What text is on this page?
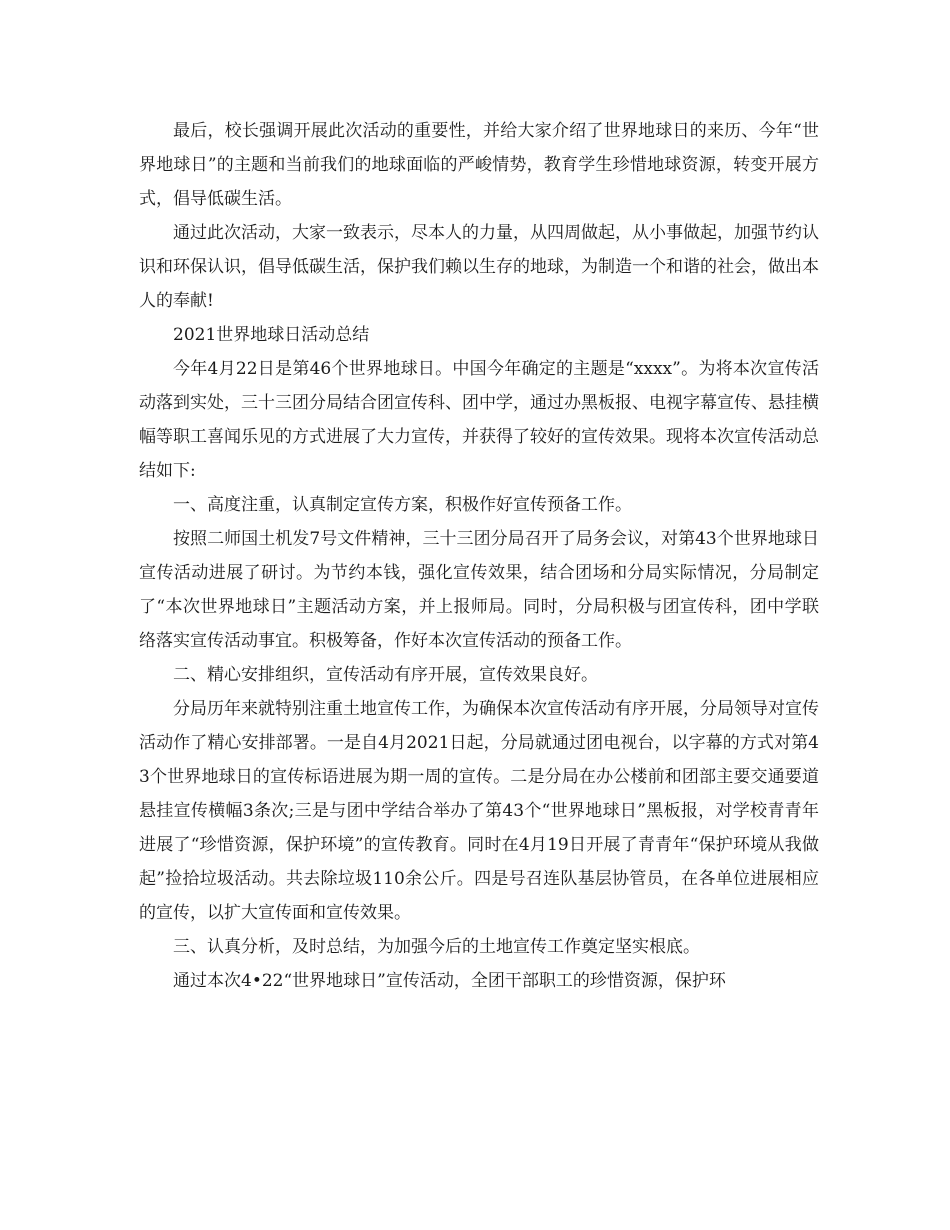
最后，校长强调开展此次活动的重要性，并给大家介绍了世界地球日的来历、今年“世界地球日”的主题和当前我们的地球面临的严峻情势，教育学生珍惜地球资源，转变开展方式，倡导低碳生活。

通过此次活动，大家一致表示，尽本人的力量，从四周做起，从小事做起，加强节约认识和环保认识，倡导低碳生活，保护我们赖以生存的地球，为制造一个和谐的社会，做出本人的奉献!

2021世界地球日活动总结

今年4月22日是第46个世界地球日。中国今年确定的主题是“xxxx”。为将本次宣传活动落到实处，三十三团分局结合团宣传科、团中学，通过办黑板报、电视字幕宣传、悬挂横幅等职工喜闻乐见的方式进展了大力宣传，并获得了较好的宣传效果。现将本次宣传活动总结如下:

一、高度注重，认真制定宣传方案，积极作好宣传预备工作。

按照二师国土机发7号文件精神，三十三团分局召开了局务会议，对第43个世界地球日宣传活动进展了研讨。为节约本钱，强化宣传效果，结合团场和分局实际情况，分局制定了“本次世界地球日”主题活动方案，并上报师局。同时，分局积极与团宣传科，团中学联络落实宣传活动事宜。积极筹备，作好本次宣传活动的预备工作。

二、精心安排组织，宣传活动有序开展，宣传效果良好。

分局历年来就特别注重土地宣传工作，为确保本次宣传活动有序开展，分局领导对宣传活动作了精心安排部署。一是自4月2021日起，分局就通过团电视台，以字幕的方式对第43个世界地球日的宣传标语进展为期一周的宣传。二是分局在办公楼前和团部主要交通要道悬挂宣传横幅3条次;三是与团中学结合举办了第43个“世界地球日”黑板报，对学校青青年进展了“珍惜资源，保护环境”的宣传教育。同时在4月19日开展了青青年“保护环境从我做起”捡拾垃圾活动。共去除垃圾110余公斤。四是号召连队基层协管员，在各单位进展相应的宣传，以扩大宣传面和宣传效果。

三、认真分析，及时总结，为加强今后的土地宣传工作奠定坚实根底。

通过本次4•22“世界地球日”宣传活动，全团干部职工的珍惜资源，保护环
